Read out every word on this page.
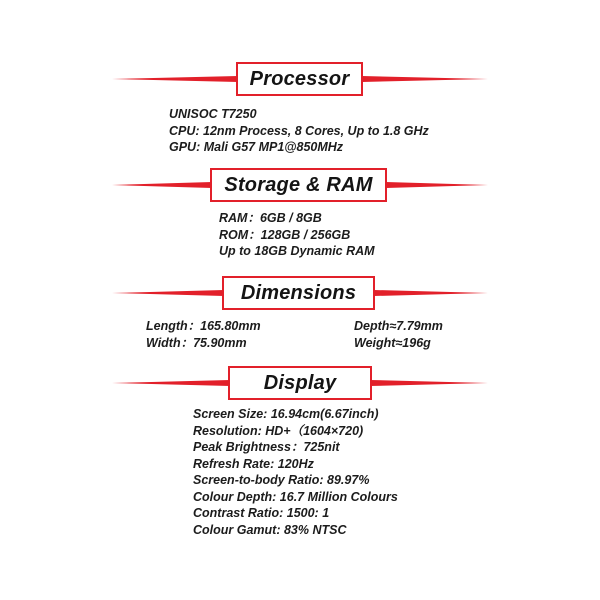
Processor
UNISOC T7250
CPU: 12nm Process, 8 Cores, Up to 1.8 GHz
GPU: Mali G57 MP1@850MHz
Storage & RAM
RAM：6GB / 8GB
ROM：128GB / 256GB
Up to 18GB Dynamic RAM
Dimensions
Length：165.80mm	Depth≈7.79mm
Width：75.90mm	Weight≈196g
Display
Screen Size: 16.94cm(6.67inch)
Resolution: HD+（1604×720)
Peak Brightness：725nit
Refresh Rate: 120Hz
Screen-to-body Ratio: 89.97%
Colour Depth: 16.7 Million Colours
Contrast Ratio: 1500: 1
Colour Gamut: 83% NTSC
